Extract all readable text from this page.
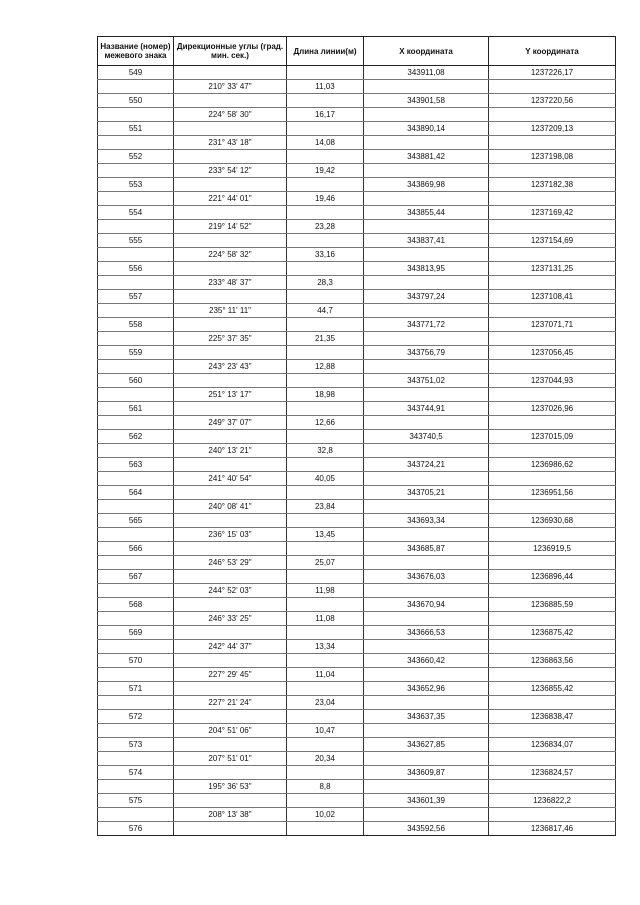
Название (номер) межевого знака	Дирекционные углы (град. мин. сек.)	Длина линии(м)	Х координата	Y координата
549			343911,08	1237226,17
	210° 33' 47"	11,03		
550			343901,58	1237220,56
	224° 58' 30"	16,17		
551			343890,14	1237209,13
	231° 43' 18"	14,08		
552			343881,42	1237198,08
	233° 54' 12"	19,42		
553			343869,98	1237182,38
	221° 44' 01"	19,46		
554			343855,44	1237169,42
	219° 14' 52"	23,28		
555			343837,41	1237154,69
	224° 58' 32"	33,16		
556			343813,95	1237131,25
	233° 48' 37"	28,3		
557			343797,24	1237108,41
	235° 11' 11"	44,7		
558			343771,72	1237071,71
	225° 37' 35"	21,35		
559			343756,79	1237056,45
	243° 23' 43"	12,88		
560			343751,02	1237044,93
	251° 13' 17"	18,98		
561			343744,91	1237026,96
	249° 37' 07"	12,66		
562			343740,5	1237015,09
	240° 13' 21"	32,8		
563			343724,21	1236986,62
	241° 40' 54"	40,05		
564			343705,21	1236951,56
	240° 08' 41"	23,84		
565			343693,34	1236930,68
	236° 15' 03"	13,45		
566			343685,87	1236919,5
	246° 53' 29"	25,07		
567			343676,03	1236896,44
	244° 52' 03"	11,98		
568			343670,94	1236885,59
	246° 33' 25"	11,08		
569			343666,53	1236875,42
	242° 44' 37"	13,34		
570			343660,42	1236863,56
	227° 29' 45"	11,04		
571			343652,96	1236855,42
	227° 21' 24"	23,04		
572			343637,35	1236838,47
	204° 51' 06"	10,47		
573			343627,85	1236834,07
	207° 51' 01"	20,34		
574			343609,87	1236824,57
	195° 36' 53"	8,8		
575			343601,39	1236822,2
	208° 13' 38"	10,02		
576			343592,56	1236817,46
